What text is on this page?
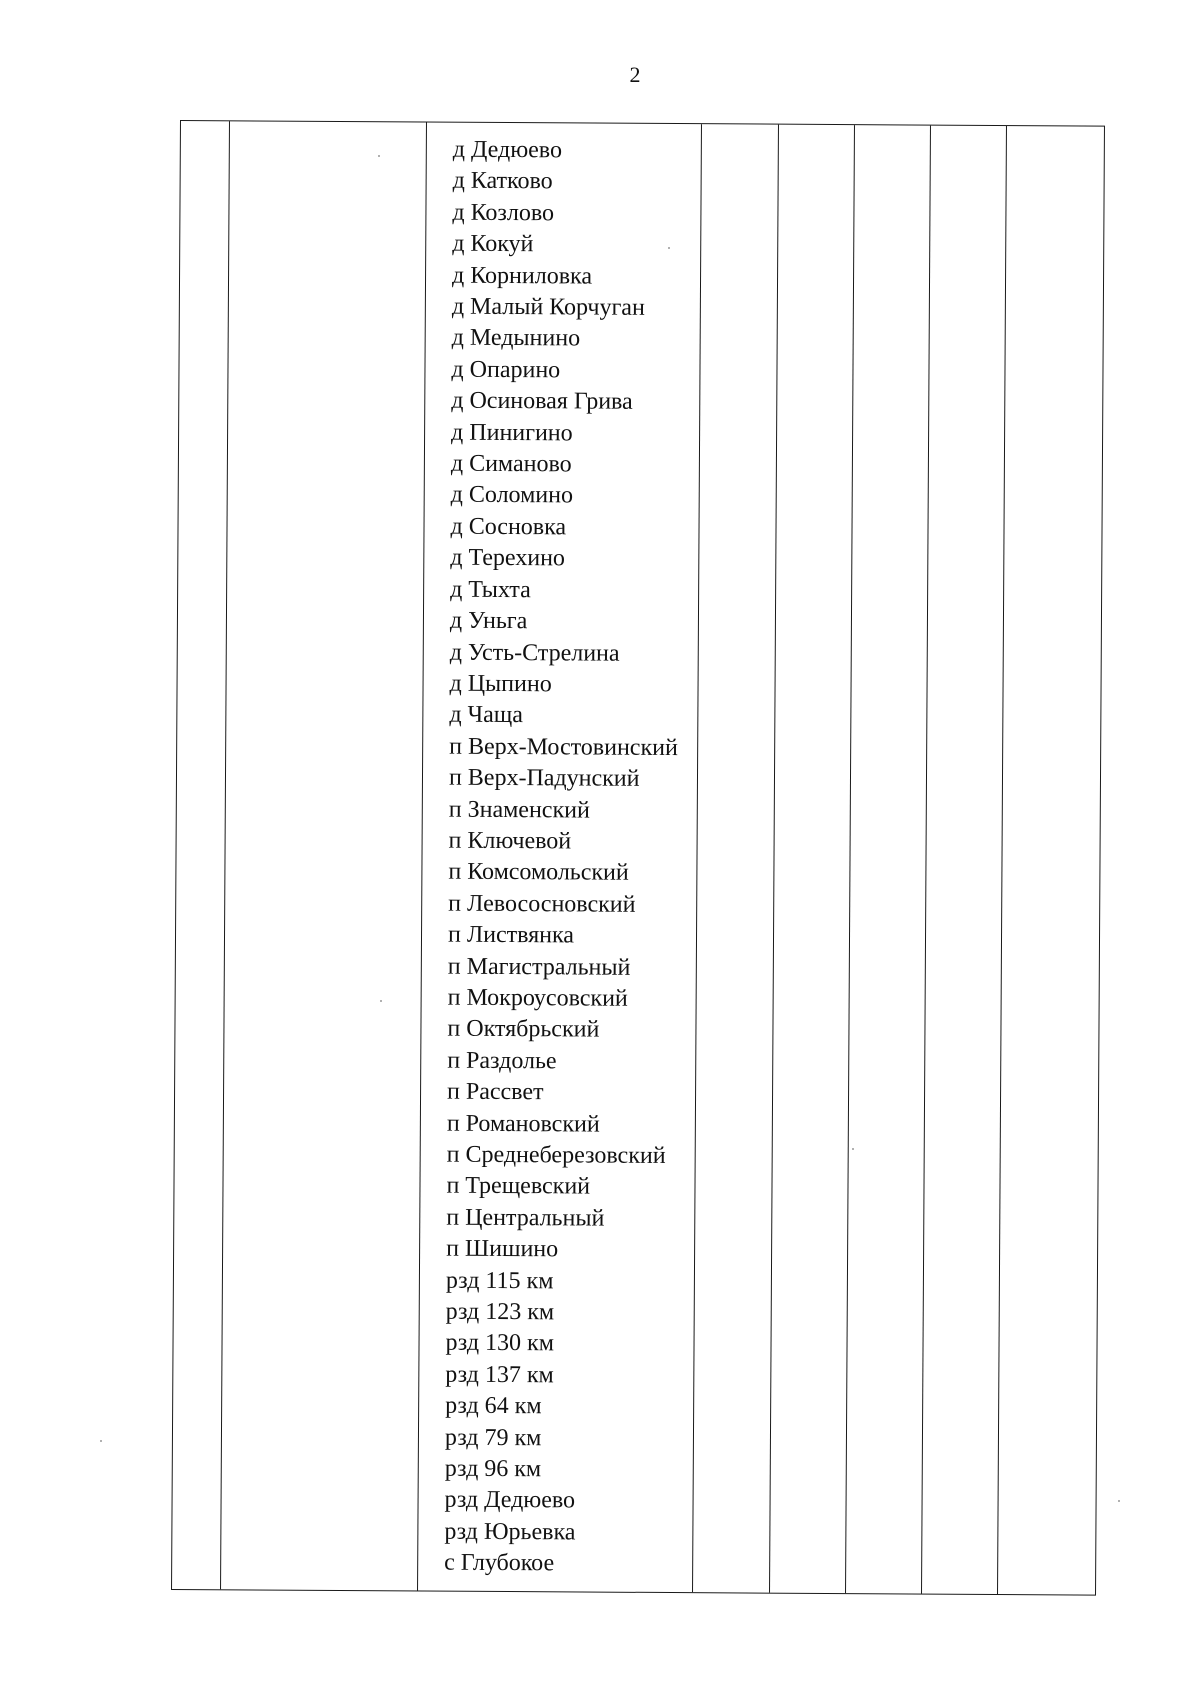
2
д Дедюево
д Катково
д Козлово
д Кокуй
д Корниловка
д Малый Корчуган
д Медынино
д Опарино
д Осиновая Грива
д Пинигино
д Симаново
д Соломино
д Сосновка
д Терехино
д Тыхта
д Уньга
д Усть-Стрелина
д Цыпино
д Чаща
п Верх-Мостовинский
п Верх-Падунский
п Знаменский
п Ключевой
п Комсомольский
п Левососновский
п Листвянка
п Магистральный
п Мокроусовский
п Октябрьский
п Раздолье
п Рассвет
п Романовский
п Среднеберезовский
п Трещевский
п Центральный
п Шишино
рзд 115 км
рзд 123 км
рзд 130 км
рзд 137 км
рзд 64 км
рзд 79 км
рзд 96 км
рзд Дедюево
рзд Юрьевка
с Глубокое
